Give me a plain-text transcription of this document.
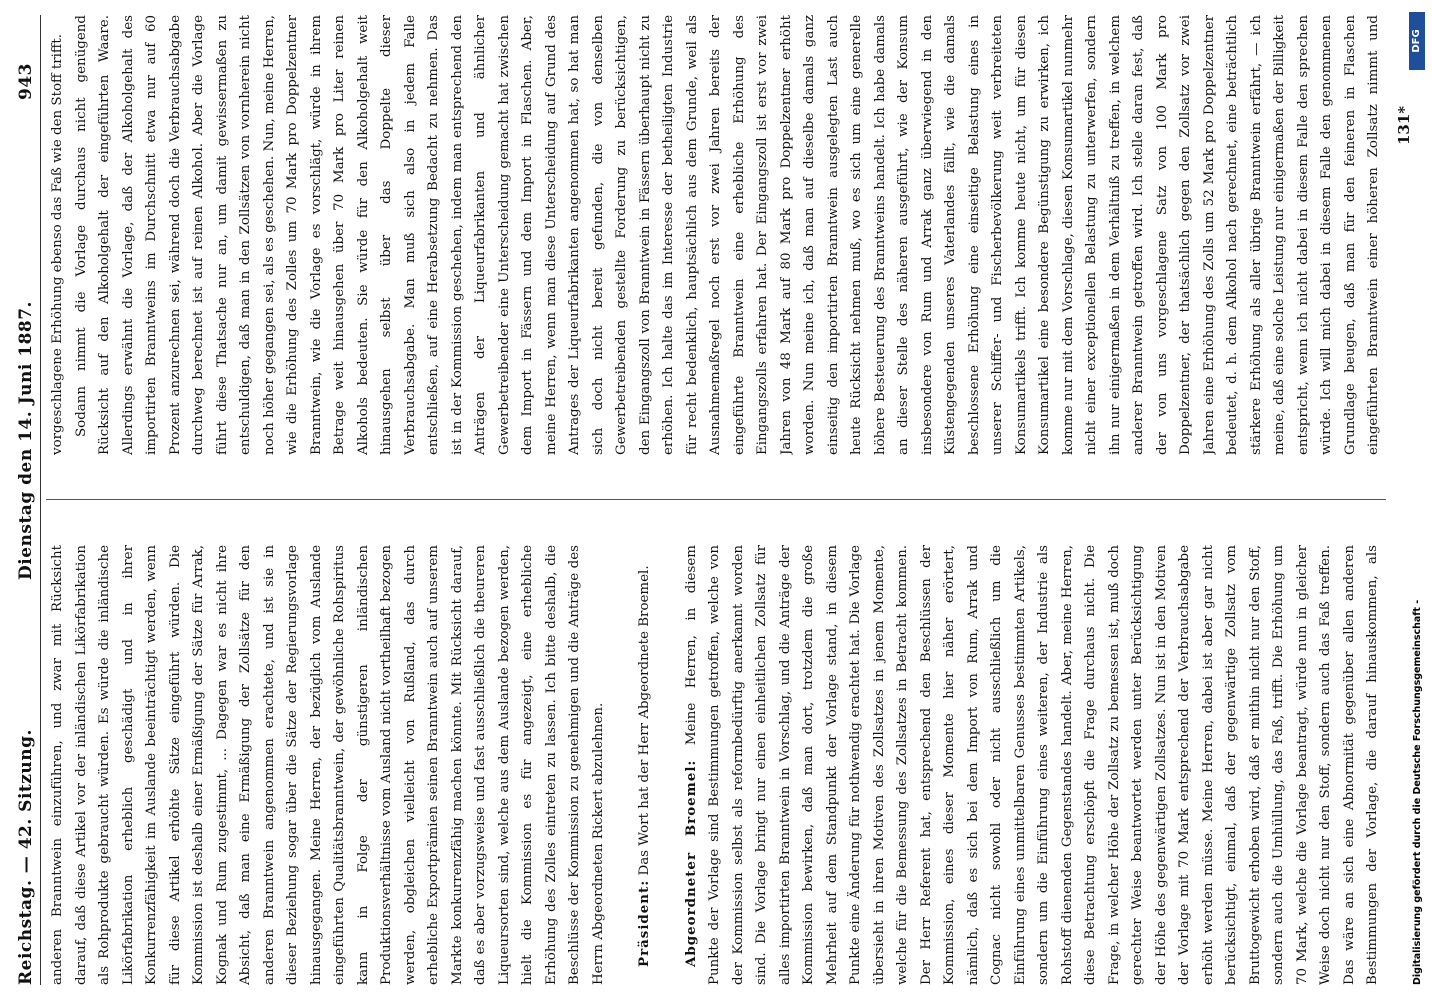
Reichstag. — 42. Sitzung.
Dienstag den 14. Juni 1887.
943

anderen Branntwein einzuführen, und zwar mit Rücksicht darauf, daß diese Artikel vor der inländischen Likörfabrikation als Rohprodukte gebraucht würden. Es würde die inländische Likörfabrikation erheblich geschädigt und in ihrer Konkurrenzfähigkeit im Auslande beeinträchtigt werden, wenn für diese Artikel erhöhte Sätze eingeführt würden. Die Kommission ist deshalb einer Ermäßigung der Sätze für Arrak, Kognak und Rum zugestimmt, ... Dagegen war es nicht ihre Absicht, daß man eine Ermäßigung der Zollsätze für den anderen Branntwein angenommen erachtete, und ist sie in dieser Beziehung sogar über die Sätze der Regierungsvorlage hinausgegangen. Meine Herren, der bezüglich vom Auslande eingeführten Qualitätsbranntwein, der gewöhnliche Rohspiritus kann in Folge der günstigeren inländischen Produktionsverhältnisse vom Ausland nicht vortheilhaft bezogen werden, obgleichen vielleicht von Rußland, das durch erhebliche Exportprämien seinen Branntwein auch auf unserem Markte konkurrenzfähig machen könnte. Mit Rücksicht darauf, daß es aber vorzugsweise und fast ausschließlich die theureren Liqueursorten sind, welche aus dem Auslande bezogen werden, hielt die Kommission es für angezeigt, eine erhebliche Erhöhung des Zolles eintreten zu lassen. Ich bitte deshalb, die Beschlüsse der Kommission zu genehmigen und die Anträge des Herrn Abgeordneten Rickert abzulehnen.	Präsident: Das Wort hat der Herr Abgeordnete Broemel.	Abgeordneter Broemel: Meine Herren, in diesem Punkte der Vorlage sind Bestimmungen getroffen, welche von der Kommission selbst als reformbedürftig anerkannt worden sind. Die Vorlage bringt nur einen einheitlichen Zollsatz für alles importirten Branntwein in Vorschlag, und die Anträge der Kommission bewirken, daß man dort, trotzdem die große Mehrheit auf dem Standpunkt der Vorlage stand, in diesem Punkte eine Änderung für nothwendig erachtet hat. Die Vorlage übersieht in ihren Motiven des Zollsatzes in jenem Momente, welche für die Bemessung des Zollsatzes in Betracht kommen. Der Herr Referent hat, entsprechend den Beschlüssen der Kommission, eines dieser Momente hier näher erörtert, nämlich, daß es sich bei dem Import von Rum, Arrak und Cognac nicht sowohl oder nicht ausschließlich um die Einführung eines unmittelbaren Genusses bestimmten Artikels, sondern um die Einführung eines weiteren, der Industrie als Rohstoff dienenden Gegenstandes handelt. Aber, meine Herren, diese Betrachtung erschöpft die Frage durchaus nicht. Die Frage, in welcher Höhe der Zollsatz zu bemessen ist, muß doch gerechter Weise beantwortet werden unter Berücksichtigung der Höhe des gegenwärtigen Zollsatzes. Nun ist in den Motiven der Vorlage mit 70 Mark entsprechend der Verbrauchsabgabe erhöht werden müsse. Meine Herren, dabei ist aber gar nicht berücksichtigt, einmal, daß der gegenwärtige Zollsatz vom Bruttogewicht erhoben wird, daß er mithin nicht nur den Stoff, sondern auch die Umhüllung, das Faß, trifft. Die Erhöhung um 70 Mark, welche die Vorlage beantragt, würde nun in gleicher Weise doch nicht nur den Stoff, sondern auch das Faß treffen. Das wäre an sich eine Abnormität gegenüber allen anderen Bestimmungen der Vorlage, die darauf hinauskommen, als

vorgeschlagene Erhöhung ebenso das Faß wie den Stoff trifft. Sodann nimmt die Vorlage durchaus nicht genügend Rücksicht auf den Alkoholgehalt der eingeführten Waare. Allerdings erwähnt die Vorlage, daß der Alkoholgehalt des importirten Branntweins im Durchschnitt etwa nur auf 60 Prozent anzurechnen sei, während doch die Verbrauchsabgabe durchweg berechnet ist auf reinen Alkohol. Aber die Vorlage führt diese Thatsache nur an, um damit gewissermaßen zu entschuldigen, daß man in den Zollsätzen von vornherein nicht noch höher gegangen sei, als es geschehen. Nun, meine Herren, wie die Erhöhung des Zolles um 70 Mark pro Doppelzentner Branntwein, wie die Vorlage es vorschlägt, würde in ihrem Betrage weit hinausgehen über 70 Mark pro Liter reinen Alkohols bedeuten. Sie würde für den Alkoholgehalt weit hinausgehen selbst über das Doppelte dieser Verbrauchsabgabe. Man muß sich also in jedem Falle entschließen, auf eine Herabsetzung Bedacht zu nehmen. Das ist in der Kommission geschehen, indem man entsprechend den Anträgen der Liqueurfabrikanten und ähnlicher Gewerbetreibender eine Unterscheidung gemacht hat zwischen dem Import in Fässern und dem Import in Flaschen. Aber, meine Herren, wenn man diese Unterscheidung auf Grund des Antrages der Liqueurfabrikanten angenommen hat, so hat man sich doch nicht bereit gefunden, die von denselben Gewerbetreibenden gestellte Forderung zu berücksichtigen, den Eingangszoll von Branntwein in Fässern überhaupt nicht zu erhöhen. Ich halte das im Interesse der betheiligten Industrie für recht bedenklich, hauptsächlich aus dem Grunde, weil als Ausnahmemaßregel noch erst vor zwei Jahren bereits der eingeführte Branntwein eine erhebliche Erhöhung des Eingangszolls erfahren hat. Der Eingangszoll ist erst vor zwei Jahren von 48 Mark auf 80 Mark pro Doppelzentner erhöht worden. Nun meine ich, daß man auf dieselbe damals ganz einseitig den importirten Branntwein ausgelegten Last auch heute Rücksicht nehmen muß, wo es sich um eine generelle höhere Besteuerung des Branntweins handelt. Ich habe damals an dieser Stelle des näheren ausgeführt, wie der Konsum insbesondere von Rum und Arrak ganz überwiegend in den Küstengegenden unseres Vaterlandes fällt, wie die damals beschlossene Erhöhung eine einseitige Belastung eines in unserer Schiffer- und Fischerbevölkerung weit verbreiteten Konsumartikels trifft. Ich komme heute nicht, um für diesen Konsumartikel eine besondere Begünstigung zu erwirken, ich komme nur mit dem Vorschlage, diesen Konsumartikel nunmehr nicht einer exceptionellen Belastung zu unterwerfen, sondern ihn nur einigermaßen in dem Verhältniß zu treffen, in welchem anderer Branntwein getroffen wird. Ich stelle daran fest, daß der von uns vorgeschlagene Satz von 100 Mark pro Doppelzentner, der thatsächlich gegen den Zollsatz vor zwei Jahren eine Erhöhung des Zolls um 52 Mark pro Doppelzentner bedeutet, d. h. dem Alkohol nach gerechnet, eine beträchtlich stärkere Erhöhung als aller übrige Branntwein erfährt, — ich meine, daß eine solche Leistung nur einigermaßen der Billigkeit entspricht, wenn ich nicht dabei in diesem Falle den sprechen würde. Ich will mich dabei in diesem Falle den genommenen Grundlage beugen, daß man für den feineren in Flaschen eingeführten Branntwein einer höheren Zollsatz nimmt und

131*
Digitalisierung gefördert durch die Deutsche Forschungsgemeinschaft -
DFG
